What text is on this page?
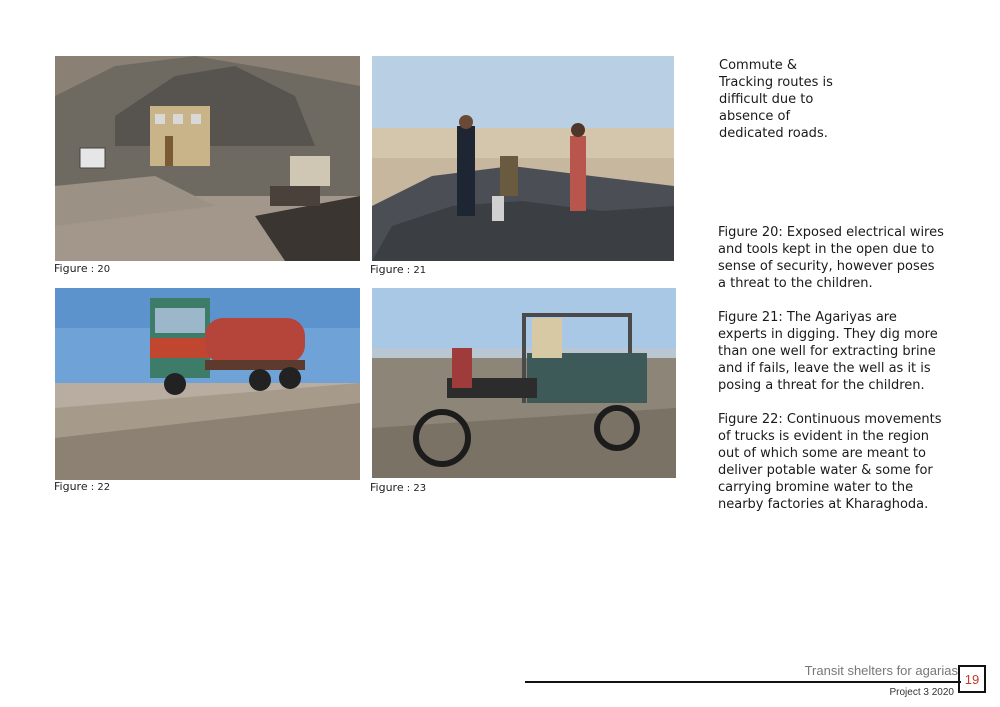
Figure : 20	Figure : 21
Figure : 22	Figure : 23
Commute & Tracking routes is difficult due to absence of dedicated roads.

Figure 20: Exposed electrical wires and tools kept in the open due to sense of security, however poses a threat to the children.

Figure 21: The Agariyas are experts in digging. They dig more than one well for extracting brine and if fails, leave the well as it is posing a threat for the children.

Figure 22: Continuous movements of trucks is evident in the region out of which some are meant to deliver potable water & some for carrying bromine water to the nearby factories at Kharaghoda.

Transit shelters for agarias
Project 3 2020
19
